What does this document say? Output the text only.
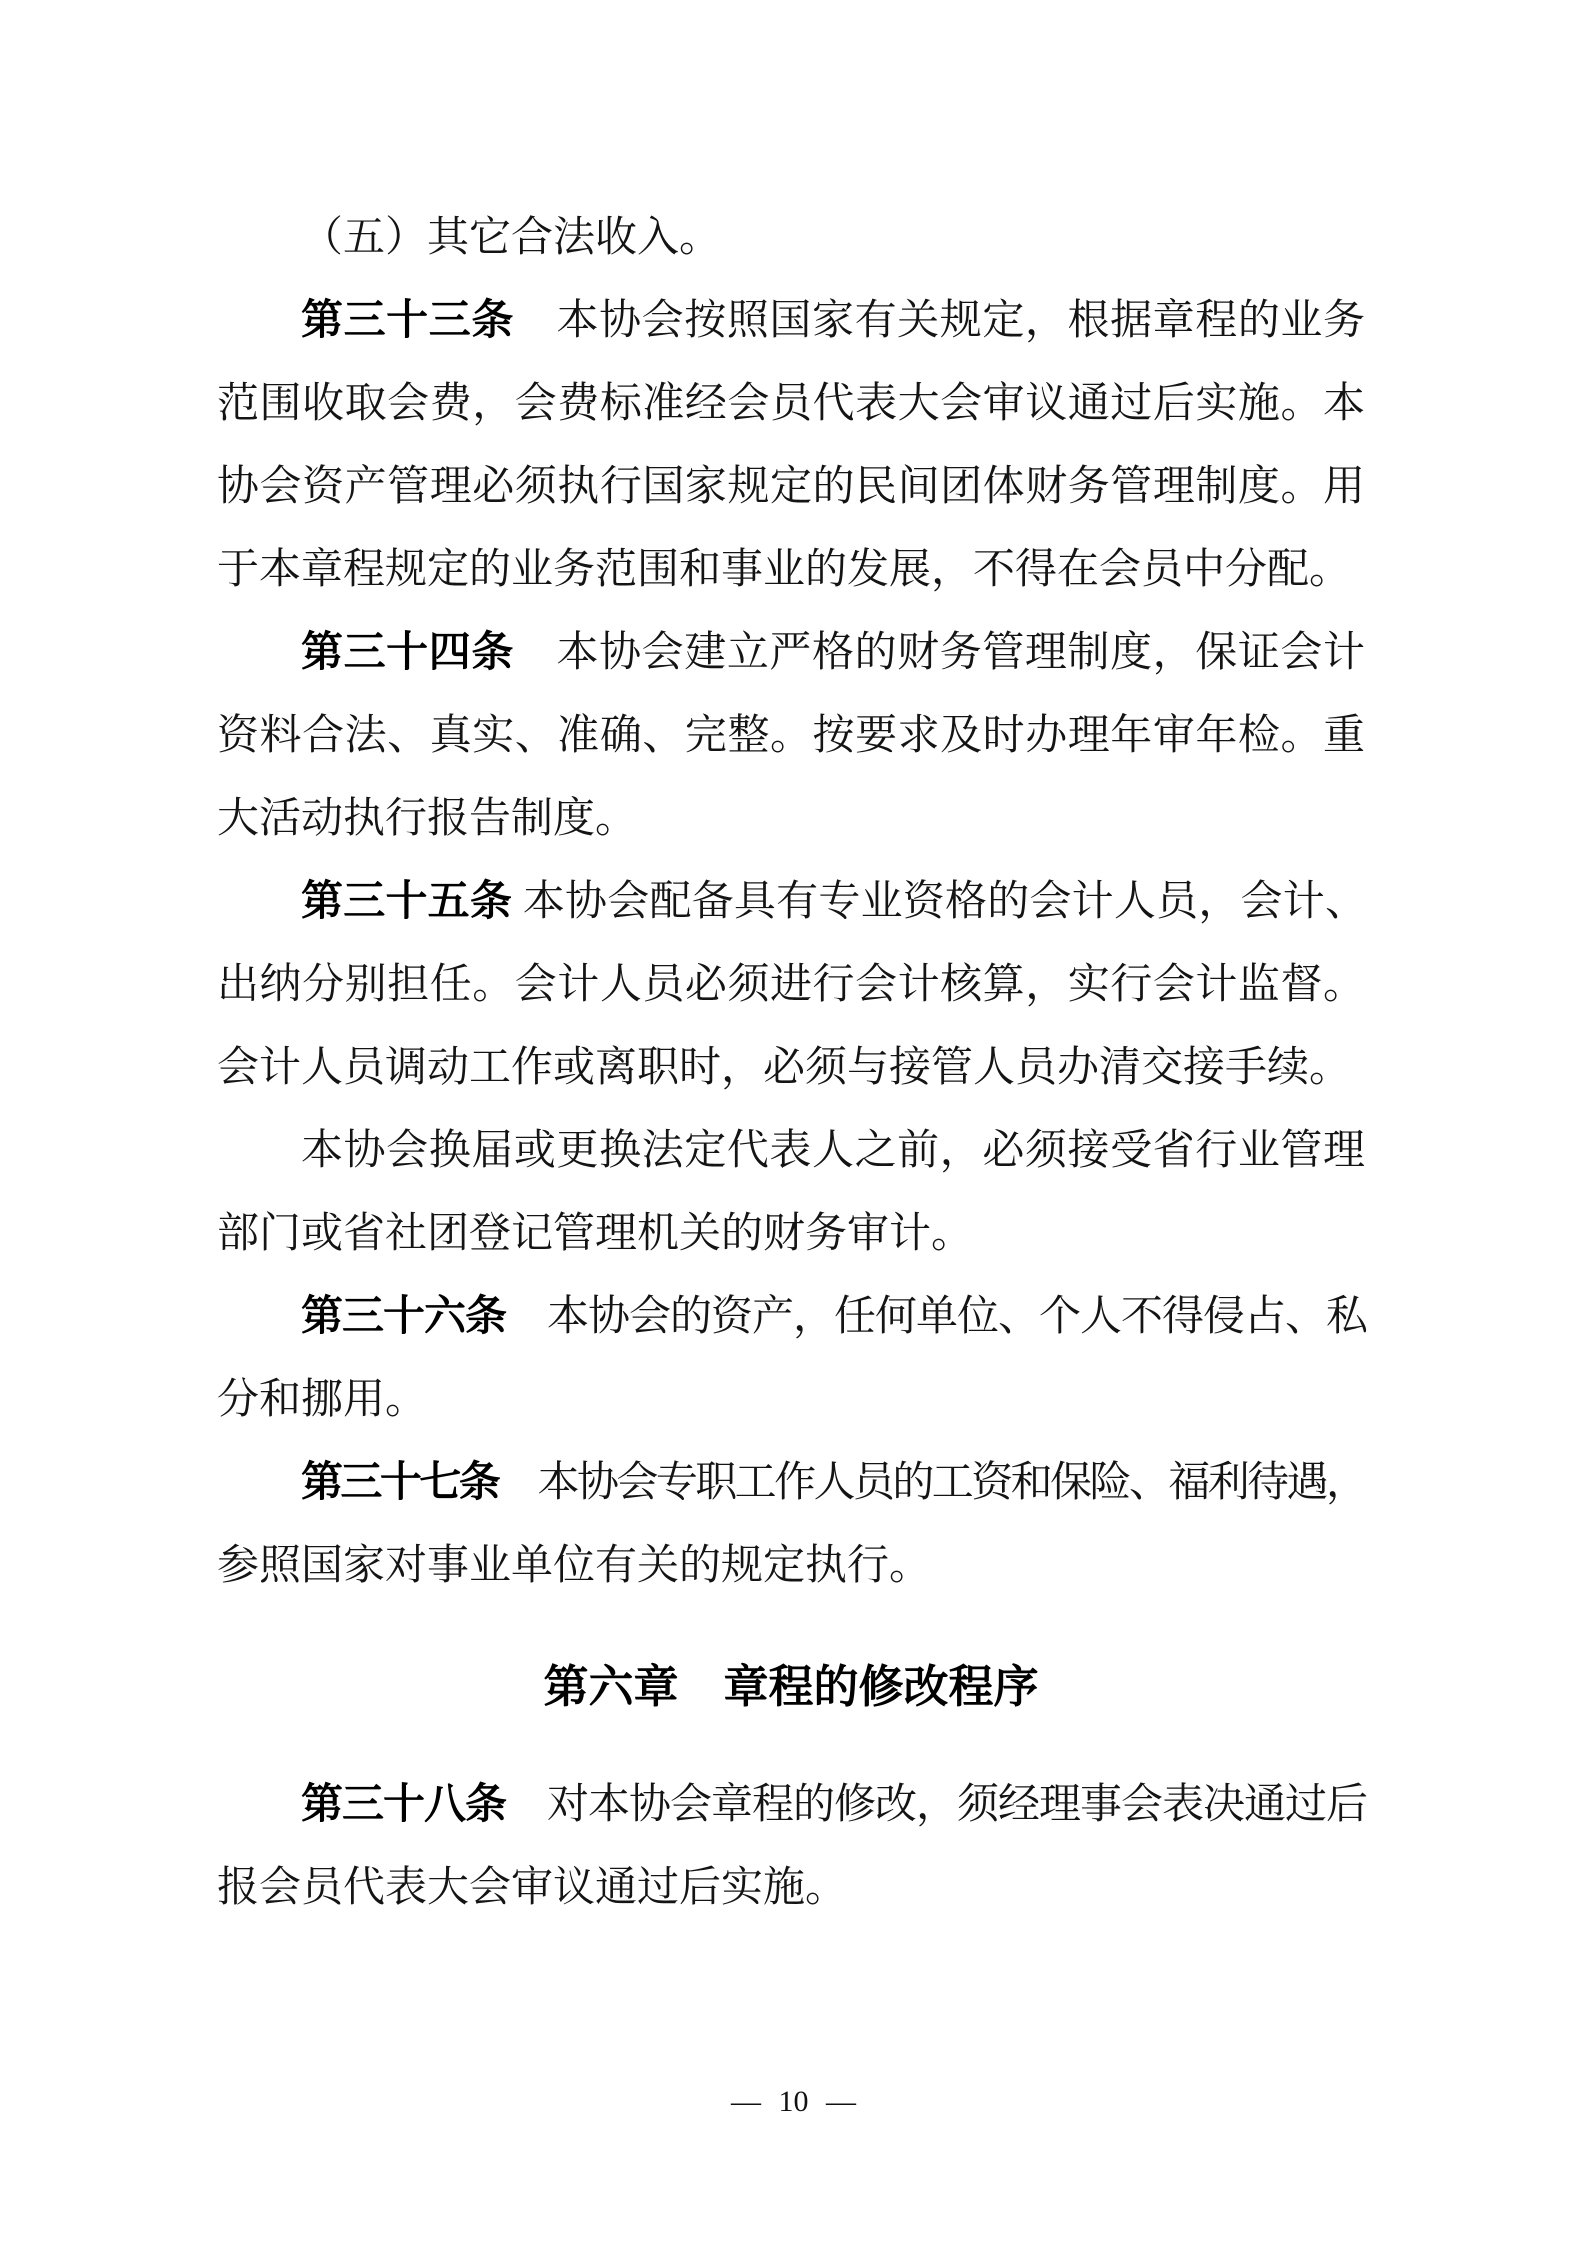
（五）其它合法收入。
第三十三条　本协会按照国家有关规定，根据章程的业务
范围收取会费，会费标准经会员代表大会审议通过后实施。本
协会资产管理必须执行国家规定的民间团体财务管理制度。用
于本章程规定的业务范围和事业的发展，不得在会员中分配。
第三十四条　本协会建立严格的财务管理制度，保证会计
资料合法、真实、准确、完整。按要求及时办理年审年检。重
大活动执行报告制度。
第三十五条 本协会配备具有专业资格的会计人员，会计、
出纳分别担任。会计人员必须进行会计核算，实行会计监督。
会计人员调动工作或离职时，必须与接管人员办清交接手续。
本协会换届或更换法定代表人之前，必须接受省行业管理
部门或省社团登记管理机关的财务审计。
第三十六条　本协会的资产，任何单位、个人不得侵占、私
分和挪用。
第三十七条　本协会专职工作人员的工资和保险、福利待遇，
参照国家对事业单位有关的规定执行。
第六章　章程的修改程序
第三十八条　对本协会章程的修改，须经理事会表决通过后
报会员代表大会审议通过后实施。
— 10 —
